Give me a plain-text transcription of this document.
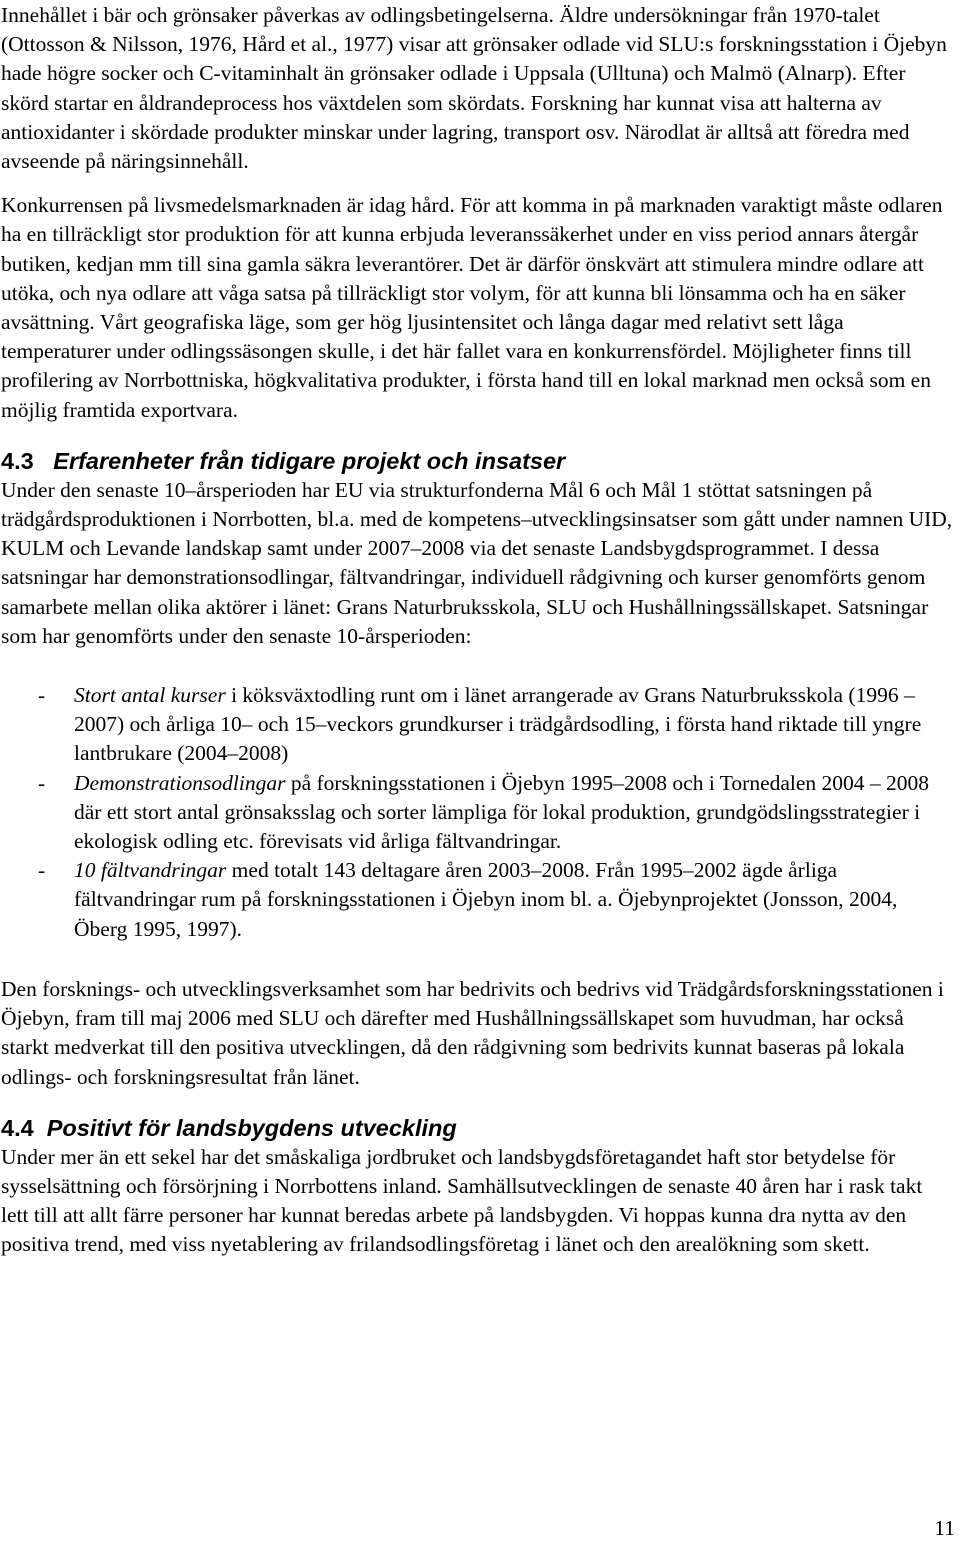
Innehållet i bär och grönsaker påverkas av odlingsbetingelserna. Äldre undersökningar från 1970-talet (Ottosson & Nilsson, 1976, Hård et al., 1977) visar att grönsaker odlade vid SLU:s forskningsstation i Öjebyn hade högre socker och C-vitaminhalt än grönsaker odlade i Uppsala (Ulltuna) och Malmö (Alnarp). Efter skörd startar en åldrandeprocess hos växtdelen som skördats. Forskning har kunnat visa att halterna av antioxidanter i skördade produkter minskar under lagring, transport osv. Närodlat är alltså att föredra med avseende på näringsinnehåll.

Konkurrensen på livsmedelsmarknaden är idag hård. För att komma in på marknaden varaktigt måste odlaren ha en tillräckligt stor produktion för att kunna erbjuda leveranssäkerhet under en viss period annars återgår butiken, kedjan mm till sina gamla säkra leverantörer. Det är därför önskvärt att stimulera mindre odlare att utöka, och nya odlare att våga satsa på tillräckligt stor volym, för att kunna bli lönsamma och ha en säker avsättning. Vårt geografiska läge, som ger hög ljusintensitet och långa dagar med relativt sett låga temperaturer under odlingssäsongen skulle, i det här fallet vara en konkurrensfördel. Möjligheter finns till profilering av Norrbottniska, högkvalitativa produkter, i första hand till en lokal marknad men också som en möjlig framtida exportvara.

4.3 Erfarenheter från tidigare projekt och insatser

Under den senaste 10–årsperioden har EU via strukturfonderna Mål 6 och Mål 1 stöttat satsningen på trädgårdsproduktionen i Norrbotten, bl.a. med de kompetens–utvecklingsinsatser som gått under namnen UID, KULM och Levande landskap samt under 2007–2008 via det senaste Landsbygdsprogrammet. I dessa satsningar har demonstrationsodlingar, fältvandringar, individuell rådgivning och kurser genomförts genom samarbete mellan olika aktörer i länet: Grans Naturbruksskola, SLU och Hushållningssällskapet. Satsningar som har genomförts under den senaste 10-årsperioden:

- Stort antal kurser i köksväxtodling runt om i länet arrangerade av Grans Naturbruksskola (1996 – 2007) och årliga 10– och 15–veckors grundkurser i trädgårdsodling, i första hand riktade till yngre lantbrukare (2004–2008)
- Demonstrationsodlingar på forskningsstationen i Öjebyn 1995–2008 och i Tornedalen 2004 – 2008 där ett stort antal grönsaksslag och sorter lämpliga för lokal produktion, grundgödslingsstrategier i ekologisk odling etc. förevisats vid årliga fältvandringar.
- 10 fältvandringar med totalt 143 deltagare åren 2003–2008. Från 1995–2002 ägde årliga fältvandringar rum på forskningsstationen i Öjebyn inom bl. a. Öjebynprojektet (Jonsson, 2004, Öberg 1995, 1997).

Den forsknings- och utvecklingsverksamhet som har bedrivits och bedrivs vid Trädgårdsforskningsstationen i Öjebyn, fram till maj 2006 med SLU och därefter med Hushållningssällskapet som huvudman, har också starkt medverkat till den positiva utvecklingen, då den rådgivning som bedrivits kunnat baseras på lokala odlings- och forskningsresultat från länet.

4.4 Positivt för landsbygdens utveckling

Under mer än ett sekel har det småskaliga jordbruket och landsbygdsföretagandet haft stor betydelse för sysselsättning och försörjning i Norrbottens inland. Samhällsutvecklingen de senaste 40 åren har i rask takt lett till att allt färre personer har kunnat beredas arbete på landsbygden. Vi hoppas kunna dra nytta av den positiva trend, med viss nyetablering av frilandsodlingsföretag i länet och den arealökning som skett.

11
